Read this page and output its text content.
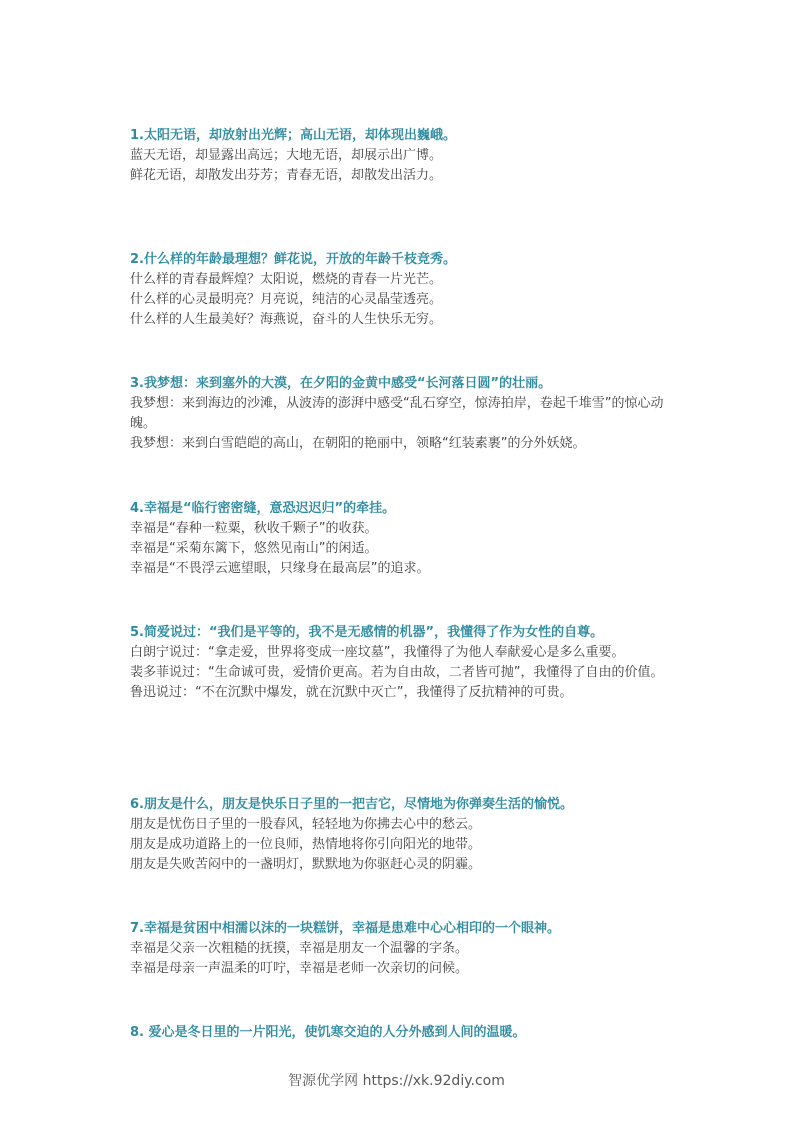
1.太阳无语，却放射出光辉；高山无语，却体现出巍峨。

蓝天无语，却显露出高远；大地无语，却展示出广博。

鲜花无语，却散发出芬芳；青春无语，却散发出活力。

2.什么样的年龄最理想？鲜花说，开放的年龄千枝竞秀。

什么样的青春最辉煌？太阳说，燃烧的青春一片光芒。

什么样的心灵最明亮？月亮说，纯洁的心灵晶莹透亮。

什么样的人生最美好？海燕说，奋斗的人生快乐无穷。

3.我梦想：来到塞外的大漠，在夕阳的金黄中感受“长河落日圆”的壮丽。

我梦想：来到海边的沙滩，从波涛的澎湃中感受“乱石穿空，惊涛拍岸，卷起千堆雪”的惊心动魄。

我梦想：来到白雪皑皑的高山，在朝阳的艳丽中，领略“红装素裹”的分外妖娆。

4.幸福是“临行密密缝，意恐迟迟归”的牵挂。

幸福是“春种一粒粟，秋收千颗子”的收获。

幸福是“采菊东篱下，悠然见南山”的闲适。

幸福是“不畏浮云遮望眼，只缘身在最高层”的追求。

5.简爱说过：“我们是平等的，我不是无感情的机器”，我懂得了作为女性的自尊。

白朗宁说过：“拿走爱，世界将变成一座坟墓”，我懂得了为他人奉献爱心是多么重要。

裴多菲说过：“生命诚可贵，爱情价更高。若为自由故，二者皆可抛”，我懂得了自由的价值。

鲁迅说过：“不在沉默中爆发，就在沉默中灭亡”，我懂得了反抗精神的可贵。

6.朋友是什么，朋友是快乐日子里的一把吉它，尽情地为你弹奏生活的愉悦。

朋友是忧伤日子里的一股春风，轻轻地为你拂去心中的愁云。

朋友是成功道路上的一位良师，热情地将你引向阳光的地带。

朋友是失败苦闷中的一盏明灯，默默地为你驱赶心灵的阴霾。

7.幸福是贫困中相濡以沫的一块糕饼，幸福是患难中心心相印的一个眼神。

幸福是父亲一次粗糙的抚摸，幸福是朋友一个温馨的字条。

幸福是母亲一声温柔的叮咛，幸福是老师一次亲切的问候。

8. 爱心是冬日里的一片阳光，使饥寒交迫的人分外感到人间的温暖。

智源优学网 https://xk.92diy.com
